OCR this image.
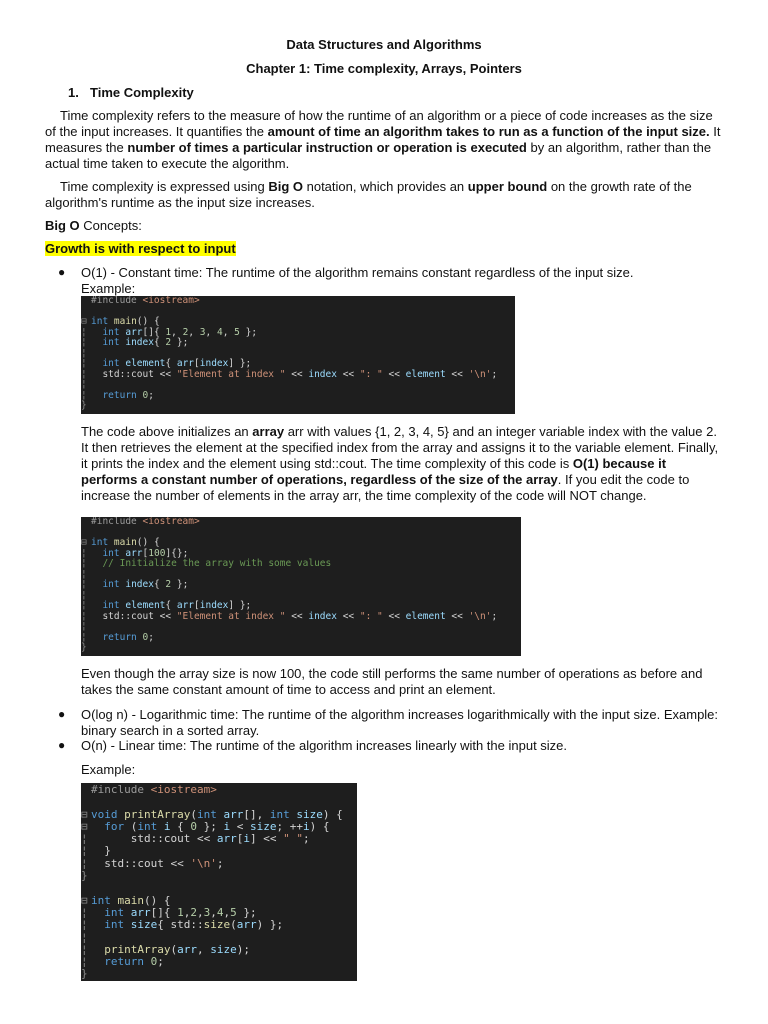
Data Structures and Algorithms
Chapter 1: Time complexity, Arrays, Pointers
1. Time Complexity
Time complexity refers to the measure of how the runtime of an algorithm or a piece of code increases as the size of the input increases. It quantifies the amount of time an algorithm takes to run as a function of the input size. It measures the number of times a particular instruction or operation is executed by an algorithm, rather than the actual time taken to execute the algorithm.
Time complexity is expressed using Big O notation, which provides an upper bound on the growth rate of the algorithm's runtime as the input size increases.
Big O Concepts:
Growth is with respect to input
● O(1) - Constant time: The runtime of the algorithm remains constant regardless of the input size.
Example:
#include <iostream>

⊟ int main() {
¦ int arr[]{ 1, 2, 3, 4, 5 };
¦ int index{ 2 };
¦
¦ int element{ arr[index] };
¦  std::cout << "Element at index " << index << ": " << element << '\n';
¦
¦ return 0;
}
The code above initializes an array arr with values {1, 2, 3, 4, 5} and an integer variable index with the value 2. It then retrieves the element at the specified index from the array and assigns it to the variable element. Finally, it prints the index and the element using std::cout. The time complexity of this code is O(1) because it performs a constant number of operations, regardless of the size of the array. If you edit the code to increase the number of elements in the array arr, the time complexity of the code will NOT change.
#include <iostream>

⊟ int main() {
¦ int arr[100]{};
¦ // Initialize the array with some values
¦
¦ int index{ 2 };
¦
¦ int element{ arr[index] };
¦  std::cout << "Element at index " << index << ": " << element << '\n';
¦
¦ return 0;
}
Even though the array size is now 100, the code still performs the same number of operations as before and takes the same constant amount of time to access and print an element.
● O(log n) - Logarithmic time: The runtime of the algorithm increases logarithmically with the input size. Example: binary search in a sorted array.
● O(n) - Linear time: The runtime of the algorithm increases linearly with the input size.
Example:
#include <iostream>

⊟ void printArray(int arr[], int size) {
⊟ for (int i { 0 }; i < size; ++i) {
¦      std::cout << arr[i] << " ";
¦  }
¦  std::cout << '\n';
}

⊟ int main() {
¦ int arr[]{ 1,2,3,4,5 };
¦ int size{ std::size(arr) };
¦
¦ printArray(arr, size);
¦ return 0;
}
